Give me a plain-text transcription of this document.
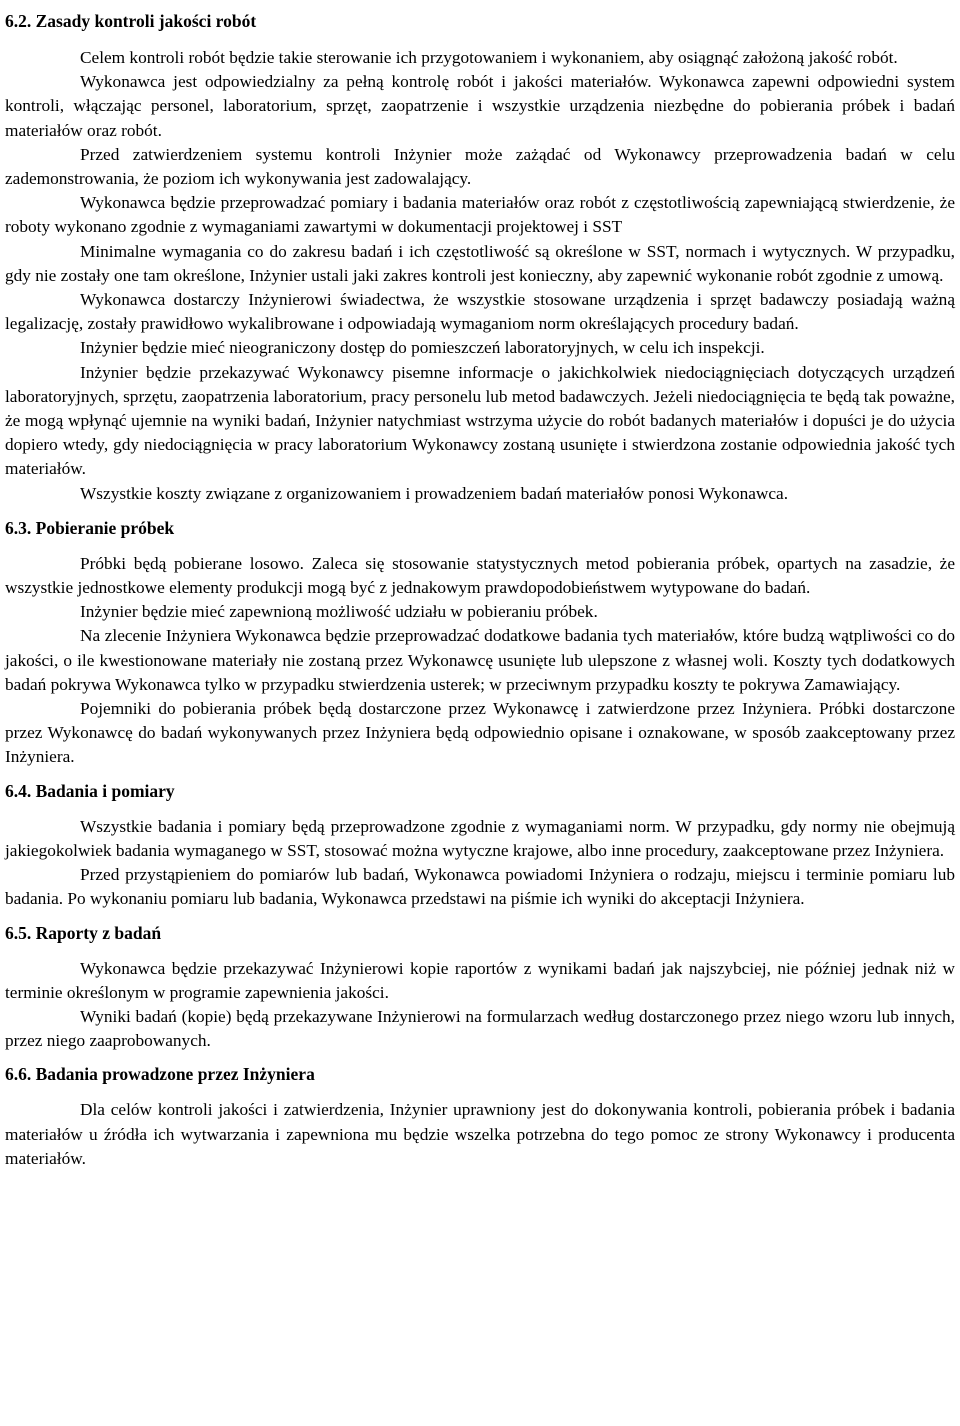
6.2. Zasady kontroli jakości robót

Celem kontroli robót będzie takie sterowanie ich przygotowaniem i wykonaniem, aby osiągnąć założoną jakość robót.

Wykonawca jest odpowiedzialny za pełną kontrolę robót i jakości materiałów. Wykonawca zapewni odpowiedni system kontroli, włączając personel, laboratorium, sprzęt, zaopatrzenie i wszystkie urządzenia niezbędne do pobierania próbek i badań materiałów oraz robót.

Przed zatwierdzeniem systemu kontroli Inżynier może zażądać od Wykonawcy przeprowadzenia badań w celu zademonstrowania, że poziom ich wykonywania jest zadowalający.

Wykonawca będzie przeprowadzać pomiary i badania materiałów oraz robót z częstotliwością zapewniającą stwierdzenie, że roboty wykonano zgodnie z wymaganiami zawartymi w dokumentacji projektowej i SST

Minimalne wymagania co do zakresu badań i ich częstotliwość są określone w SST, normach i wytycznych. W przypadku, gdy nie zostały one tam określone, Inżynier ustali jaki zakres kontroli jest konieczny, aby zapewnić wykonanie robót zgodnie z umową.

Wykonawca dostarczy Inżynierowi świadectwa, że wszystkie stosowane urządzenia i sprzęt badawczy posiadają ważną legalizację, zostały prawidłowo wykalibrowane i odpowiadają wymaganiom norm określających procedury badań.

Inżynier będzie mieć nieograniczony dostęp do pomieszczeń laboratoryjnych, w celu ich inspekcji.

Inżynier będzie przekazywać Wykonawcy pisemne informacje o jakichkolwiek niedociągnięciach dotyczących urządzeń laboratoryjnych, sprzętu, zaopatrzenia laboratorium, pracy personelu lub metod badawczych. Jeżeli niedociągnięcia te będą tak poważne, że mogą wpłynąć ujemnie na wyniki badań, Inżynier natychmiast wstrzyma użycie do robót badanych materiałów i dopuści je do użycia dopiero wtedy, gdy niedociągnięcia w pracy laboratorium Wykonawcy zostaną usunięte i stwierdzona zostanie odpowiednia jakość tych materiałów.

Wszystkie koszty związane z organizowaniem i prowadzeniem badań materiałów ponosi Wykonawca.

6.3. Pobieranie próbek

Próbki będą pobierane losowo. Zaleca się stosowanie statystycznych metod pobierania próbek, opartych na zasadzie, że wszystkie jednostkowe elementy produkcji mogą być z jednakowym prawdopodobieństwem wytypowane do badań.

Inżynier będzie mieć zapewnioną możliwość udziału w pobieraniu próbek.

Na zlecenie Inżyniera Wykonawca będzie przeprowadzać dodatkowe badania tych materiałów, które budzą wątpliwości co do jakości, o ile kwestionowane materiały nie zostaną przez Wykonawcę usunięte lub ulepszone z własnej woli. Koszty tych dodatkowych badań pokrywa Wykonawca tylko w przypadku stwierdzenia usterek; w przeciwnym przypadku koszty te pokrywa Zamawiający.

Pojemniki do pobierania próbek będą dostarczone przez Wykonawcę i zatwierdzone przez Inżyniera. Próbki dostarczone przez Wykonawcę do badań wykonywanych przez Inżyniera będą odpowiednio opisane i oznakowane, w sposób zaakceptowany przez Inżyniera.

6.4. Badania i pomiary

Wszystkie badania i pomiary będą przeprowadzone zgodnie z wymaganiami norm. W przypadku, gdy normy nie obejmują jakiegokolwiek badania wymaganego w SST, stosować można wytyczne krajowe, albo inne procedury, zaakceptowane przez Inżyniera.

Przed przystąpieniem do pomiarów lub badań, Wykonawca powiadomi Inżyniera o rodzaju, miejscu i terminie pomiaru lub badania. Po wykonaniu pomiaru lub badania, Wykonawca przedstawi na piśmie ich wyniki do akceptacji Inżyniera.

6.5. Raporty z badań

Wykonawca będzie przekazywać Inżynierowi kopie raportów z wynikami badań jak najszybciej, nie później jednak niż w terminie określonym w programie zapewnienia jakości.

Wyniki badań (kopie) będą przekazywane Inżynierowi na formularzach według dostarczonego przez niego wzoru lub innych, przez niego zaaprobowanych.

6.6. Badania prowadzone przez Inżyniera

Dla celów kontroli jakości i zatwierdzenia, Inżynier uprawniony jest do dokonywania kontroli, pobierania próbek i badania materiałów u źródła ich wytwarzania i zapewniona mu będzie wszelka potrzebna do tego pomoc ze strony Wykonawcy i producenta materiałów.
